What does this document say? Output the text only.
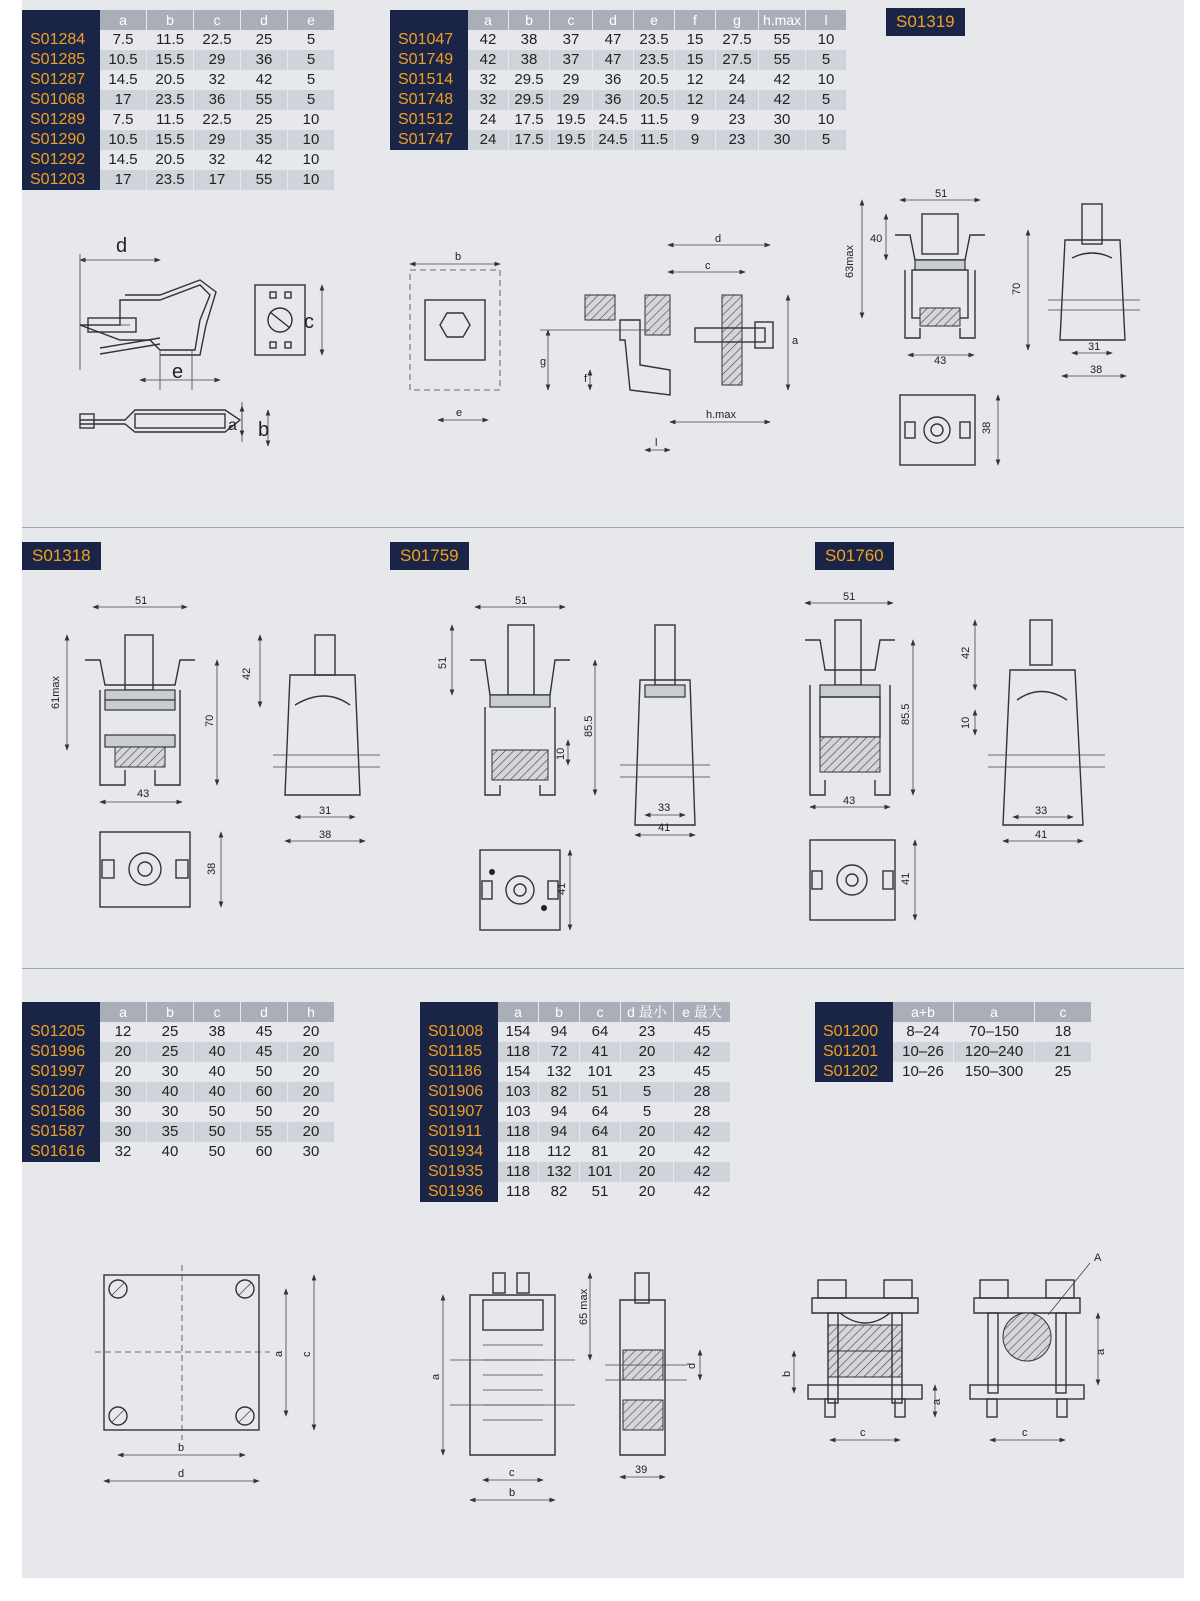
	a	b	c	d	e
S01284	7.5	11.5	22.5	25	5
S01285	10.5	15.5	29	36	5
S01287	14.5	20.5	32	42	5
S01068	17	23.5	36	55	5
S01289	7.5	11.5	22.5	25	10
S01290	10.5	15.5	29	35	10
S01292	14.5	20.5	32	42	10
S01203	17	23.5	17	55	10
	a	b	c	d	e	f	g	h.max	l
S01047	42	38	37	47	23.5	15	27.5	55	10
S01749	42	38	37	47	23.5	15	27.5	55	5
S01514	32	29.5	29	36	20.5	12	24	42	10
S01748	32	29.5	29	36	20.5	12	24	42	5
S01512	24	17.5	19.5	24.5	11.5	9	23	30	10
S01747	24	17.5	19.5	24.5	11.5	9	23	30	5
S01319
S01318	S01759	S01760
	a	b	c	d	h
S01205	12	25	38	45	20
S01996	20	25	40	45	20
S01997	20	30	40	50	20
S01206	30	40	40	60	20
S01586	30	30	50	50	20
S01587	30	35	50	55	20
S01616	32	40	50	60	30
	a	b	c	d 最小	e 最大
S01008	154	94	64	23	45
S01185	118	72	41	20	42
S01186	154	132	101	23	45
S01906	103	82	51	5	28
S01907	103	94	64	5	28
S01911	118	94	64	20	42
S01934	118	112	81	20	42
S01935	118	132	101	20	42
S01936	118	82	51	20	42
	a+b	a	c
S01200	8–24	70–150	18
S01201	10–26	120–240	21
S01202	10–26	150–300	25
d
e
c
a b
b
e
d
c
g
f
a
h.max
l
51
40
63max
70
43
31
38
38
51
61max
70
43
42
31
38
38
51
51
85.5
10
33
41
41
51
85.5
43
42
10
33
41
41
a c
b
d
a
65 max
c
b
d
39
b
a
c
a
c
A
